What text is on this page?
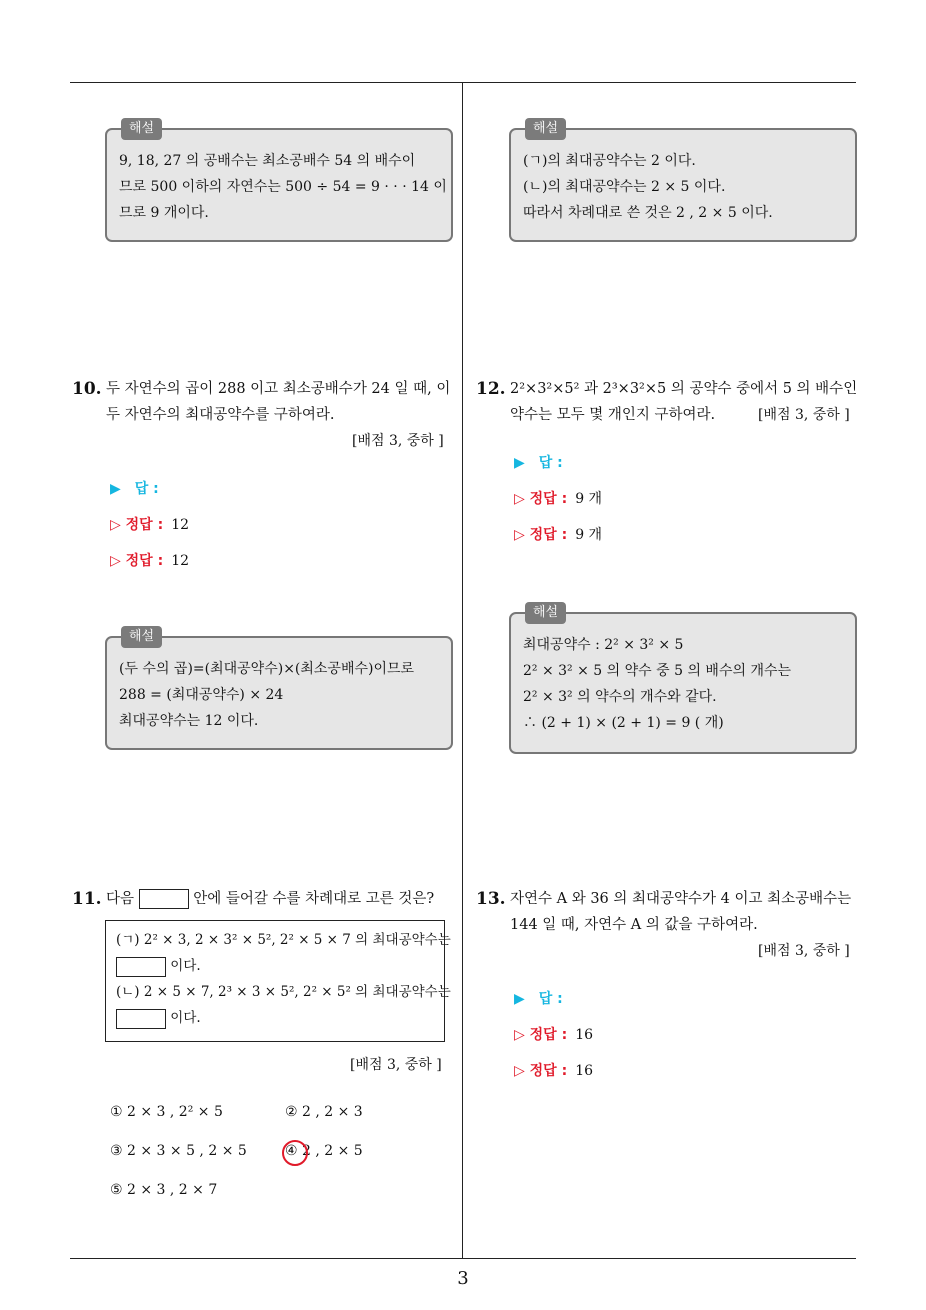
해설

9, 18, 27 의 공배수는 최소공배수 54 의 배수이

므로 500 이하의 자연수는 500 ÷ 54 = 9 · · · 14 이

므로 9 개이다.

10. 두 자연수의 곱이 288 이고 최소공배수가 24 일 때, 이
두 자연수의 최대공약수를 구하여라.
[배점 3, 중하 ]
▶ 답 :
▷ 정답 : 12
▷ 정답 : 12
해설

(두 수의 곱)=(최대공약수)×(최소공배수)이므로

288 = (최대공약수) × 24

최대공약수는 12 이다.

11. 다음	안에 들어갈 수를 차례대로 고른 것은?

(ㄱ) 2² × 3, 2 × 3² × 5², 2² × 5 × 7 의 최대공약수는

이다.

(ㄴ) 2 × 5 × 7, 2³ × 3 × 5², 2² × 5² 의 최대공약수는

이다.

[배점 3, 중하 ]
① 2 × 3 , 2² × 5	② 2 , 2 × 3
③ 2 × 3 × 5 , 2 × 5	④ 2 , 2 × 5
⑤ 2 × 3 , 2 × 7
해설

(ㄱ)의 최대공약수는 2 이다.

(ㄴ)의 최대공약수는 2 × 5 이다.

따라서 차례대로 쓴 것은 2 , 2 × 5 이다.

12. 2²×3²×5² 과 2³×3²×5 의 공약수 중에서 5 의 배수인
약수는 모두 몇 개인지 구하여라.	[배점 3, 중하 ]
▶ 답 :
▷ 정답 : 9 개
▷ 정답 : 9 개
해설

최대공약수 : 2² × 3² × 5

2² × 3² × 5 의 약수 중 5 의 배수의 개수는

2² × 3² 의 약수의 개수와 같다.

∴ (2 + 1) × (2 + 1) = 9 ( 개)

13. 자연수 A 와 36 의 최대공약수가 4 이고 최소공배수는
144 일 때, 자연수 A 의 값을 구하여라.
[배점 3, 중하 ]
▶ 답 :
▷ 정답 : 16
▷ 정답 : 16
3
